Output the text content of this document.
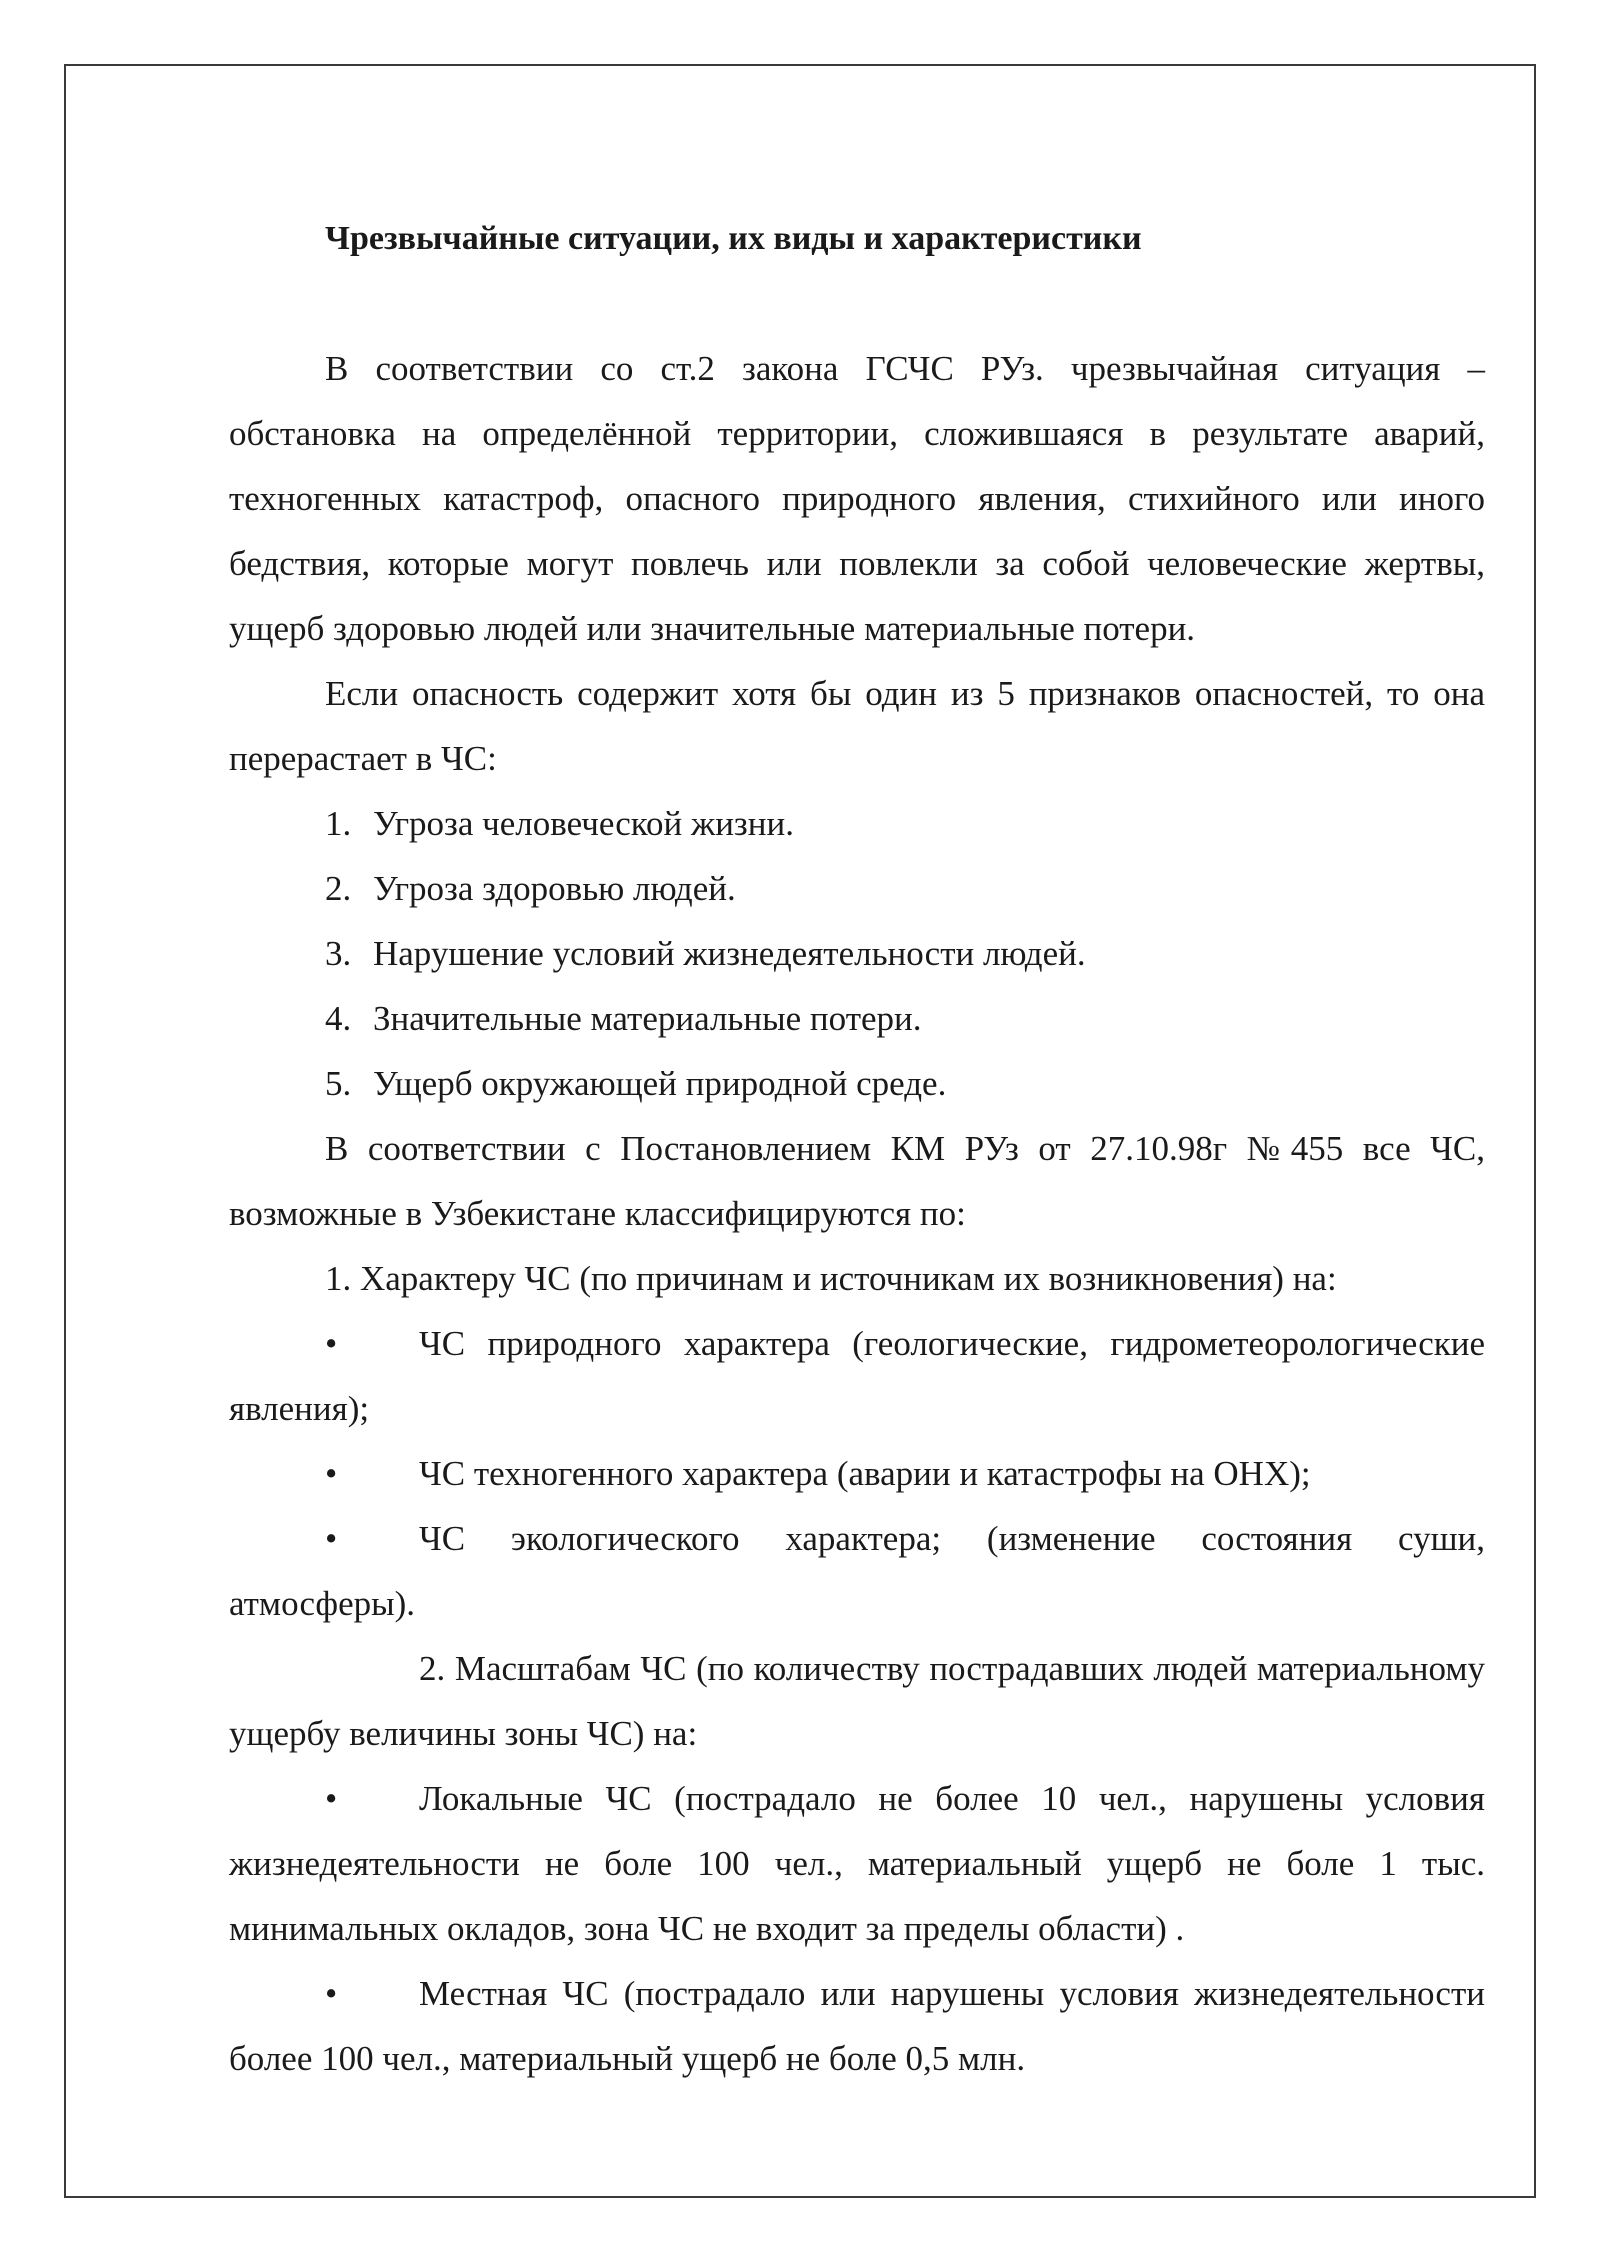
Чрезвычайные ситуации, их виды и характеристики

В соответствии со ст.2 закона ГСЧС РУз. чрезвычайная ситуация – обстановка на определённой территории, сложившаяся в результате аварий, техногенных катастроф, опасного природного явления, стихийного или иного бедствия, которые могут повлечь или повлекли за собой человеческие жертвы, ущерб здоровью людей или значительные материальные потери.

Если опасность содержит хотя бы один из 5 признаков опасностей, то она перерастает в ЧС:

1. Угроза человеческой жизни.
2. Угроза здоровью людей.
3. Нарушение условий жизнедеятельности людей.
4. Значительные материальные потери.
5. Ущерб окружающей природной среде.

В соответствии с Постановлением КМ РУз от 27.10.98г №455 все ЧС, возможные в Узбекистане классифицируются по:

1. Характеру ЧС (по причинам и источникам их возникновения) на:

• ЧС природного характера (геологические, гидрометеорологические явления);

• ЧС техногенного характера (аварии и катастрофы на ОНХ);

• ЧС экологического характера; (изменение состояния суши, атмосферы).

2. Масштабам ЧС (по количеству пострадавших людей материальному ущербу величины зоны ЧС) на:

• Локальные ЧС (пострадало не более 10 чел., нарушены условия жизнедеятельности не боле 100 чел., материальный ущерб не боле 1 тыс. минимальных окладов, зона ЧС не входит за пределы области) .

• Местная ЧС (пострадало или нарушены условия жизнедеятельности более 100 чел., материальный ущерб не боле 0,5 млн.
